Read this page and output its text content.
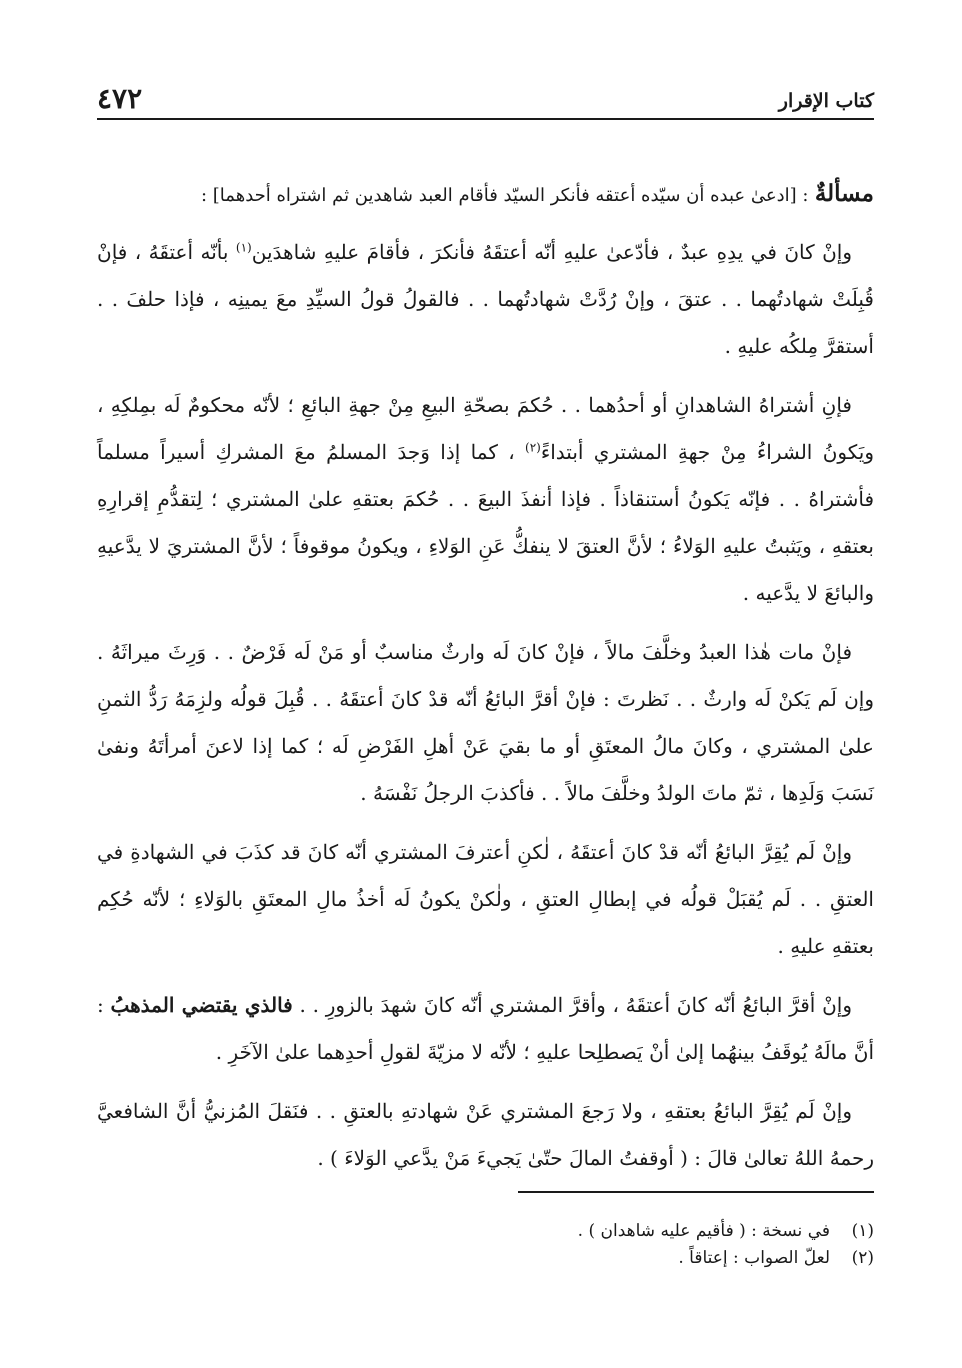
٤٧٢	كتاب الإقرار
مسألةٌ : [ادعىٰ عبده أن سيّده أعتقه فأنكر السيّد فأقام العبد شاهدين ثم اشتراه أحدهما] :

وإنْ كانَ في يدِهِ عبدٌ ، فأدّعىٰ عليهِ أنّه أعتقَهُ فأنكرَ ، فأقامَ عليهِ شاهدَين$^{(١)}$ بأنّه أعتقَهُ ، فإنْ قُبِلَتْ شهادتُهما . . عتقَ ، وإنْ رُدَّتْ شهادتُهما . . فالقولُ قولُ السيِّدِ معَ يمينِه ، فإذا حلفَ . . أستقرَّ مِلكُه عليهِ .

فإنِ أشتراهُ الشاهدانِ أو أحدُهما . . حُكمَ بصحّةِ البيعِ مِنْ جهةِ البائعِ ؛ لأنّه محكومٌ لَه بمِلكِهِ ، ويَكونُ الشراءُ مِنْ جهةِ المشتري أبتداءً$^{(٢)}$ ، كما إذا وَجدَ المسلمُ معَ المشركِ أسيراً مسلماً فأشتراهُ . . فإنّه يَكونُ أستنقاذاً . فإذا أنفذَ البيعَ . . حُكمَ بعتقهِ علىٰ المشتري ؛ لِتقدُّمِ إقرارِهِ بعتقهِ ، ويَثبتُ عليهِ الوَلاءُ ؛ لأنَّ العتقَ لا ينفكُّ عَنِ الوَلاءِ ، ويكونُ موقوفاً ؛ لأنَّ المشتريَ لا يدَّعيهِ والبائعَ لا يدَّعيه .

فإنْ مات هٰذا العبدُ وخلَّفَ مالاً ، فإنْ كانَ لَه وارثٌ مناسبٌ أو مَنْ لَه فَرْضٌ . . وَرِثَ ميراثَهُ . وإن لَم يَكنْ لَه وارثٌ . . نَظرتَ : فإنْ أقرَّ البائعُ أنّه قدْ كانَ أعتقَهُ . . قُبِلَ قولُه ولزِمَهُ رَدُّ الثمنِ علىٰ المشتري ، وكانَ مالُ المعتَقِ أو ما بقيَ عَنْ أهلِ الفَرْضِ لَه ؛ كما إذا لاعنَ أمرأتَهُ ونفىٰ نَسَبَ وَلَدِها ، ثمّ ماتَ الولدُ وخلَّفَ مالاً . . فأكذبَ الرجلُ نَفْسَهُ .

وإنْ لَم يُقِرَّ البائعُ أنّه قدْ كانَ أعتقَهُ ، لٰكنِ أعترفَ المشتري أنّه كانَ قد كذَبَ في الشهادةِ في العتقِ . . لَم يُقبَلْ قولُه في إبطالِ العتقِ ، ولٰكنْ يكونُ لَه أخذُ مالِ المعتَقِ بالوَلاءِ ؛ لأنّه حُكِم بعتقهِ عليهِ .

وإنْ أقرَّ البائعُ أنّه كانَ أعتقَهُ ، وأقرَّ المشتري أنّه كانَ شهدَ بالزورِ . . فالذي يقتضي المذهبُ : أنَّ مالَهُ يُوقَفُ بينهُما إلىٰ أنْ يَصطلِحا عليهِ ؛ لأنّه لا مزيّةَ لقولِ أحدِهما علىٰ الآخَرِ .

وإنْ لَم يُقِرَّ البائعُ بعتقهِ ، ولا رَجعَ المشتري عَنْ شهادتهِ بالعتقِ . . فنَقلَ المُزنيُّ أنَّ الشافعيَّ رحمهُ اللهُ تعالىٰ قالَ : ( أوقفتُ المالَ حتّىٰ يَجيءَ مَنْ يدَّعي الوَلاءَ ) .

(١)في نسخة : ( فأقيم عليه شاهدان ) .
(٢)لعلّ الصواب : إعتاقاً .
